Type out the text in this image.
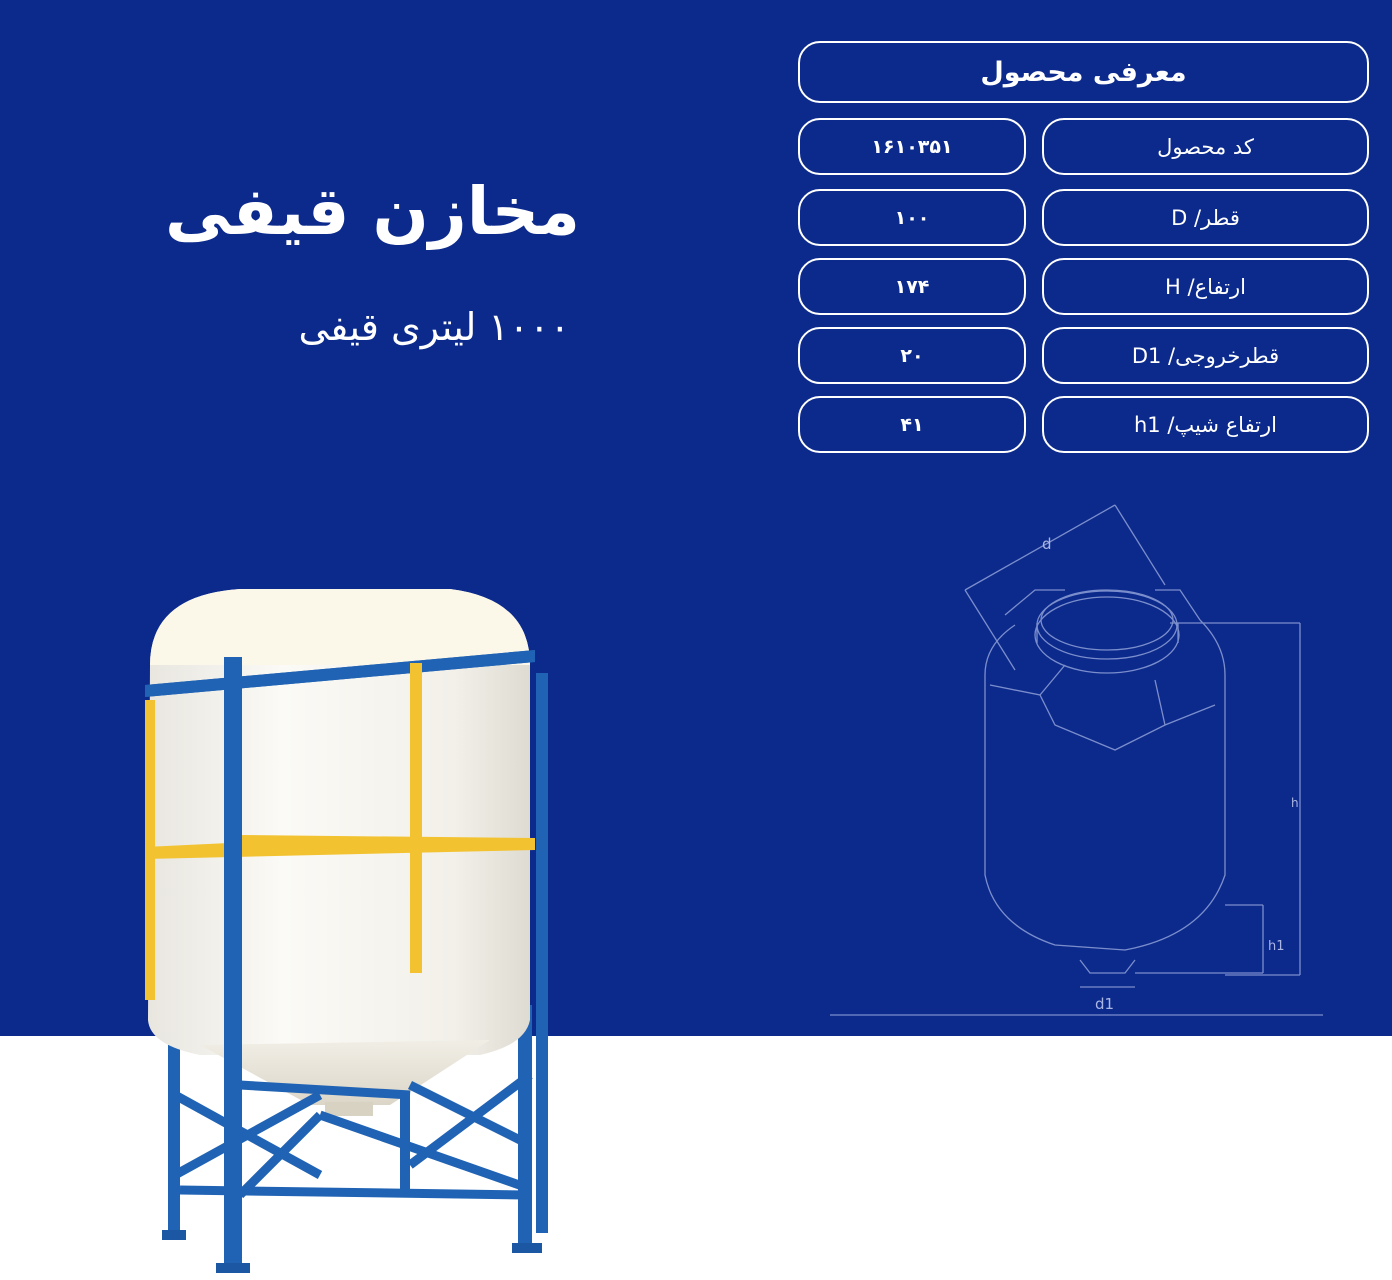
مخازن قیفی
۱۰۰۰ لیتری قیفی
معرفی محصول
کد محصول
۱۶۱۰۳۵۱
قطر/ D
۱۰۰
ارتفاع/ H
۱۷۴
قطرخروجی/ D1
۲۰
ارتفاع شیپ/ h1
۴۱
d
h
h1
d1
